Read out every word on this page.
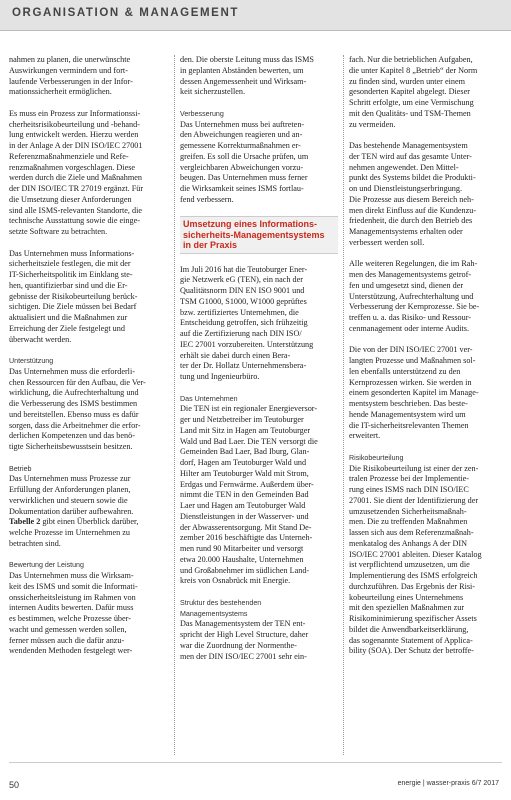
ORGANISATION & MANAGEMENT

nahmen zu planen, die unerwünschte
Auswirkungen vermindern und fort-
laufende Verbesserungen in der Infor-
mationssicherheit ermöglichen.

Es muss ein Prozess zur Informationssi-
cherheitsrisikobeurteilung und -behand-
lung entwickelt werden. Hierzu werden
in der Anlage A der DIN ISO/IEC 27001
Referenzmaßnahmenziele und Refe-
renzmaßnahmen vorgeschlagen. Diese
werden durch die Ziele und Maßnahmen
der DIN ISO/IEC TR 27019 ergänzt. Für
die Umsetzung dieser Anforderungen
sind alle ISMS-relevanten Standorte, die
technische Ausstattung sowie die einge-
setzte Software zu betrachten.

Das Unternehmen muss Informations-
sicherheitsziele festlegen, die mit der
IT-Sicherheitspolitik im Einklang ste-
hen, quantifizierbar sind und die Er-
gebnisse der Risikobeurteilung berück-
sichtigen. Die Ziele müssen bei Bedarf
aktualisiert und die Maßnahmen zur
Erreichung der Ziele festgelegt und
überwacht werden.

Unterstützung

Das Unternehmen muss die erforderli-
chen Ressourcen für den Aufbau, die Ver-
wirklichung, die Aufrechterhaltung und
die Verbesserung des ISMS bestimmen
und bereitstellen. Ebenso muss es dafür
sorgen, dass die Arbeitnehmer die erfor-
derlichen Kompetenzen und das benö-
tigte Sicherheitsbewusstsein besitzen.

Betrieb

Das Unternehmen muss Prozesse zur
Erfüllung der Anforderungen planen,
verwirklichen und steuern sowie die
Dokumentation darüber aufbewahren.
Tabelle 2 gibt einen Überblick darüber,
welche Prozesse im Unternehmen zu
betrachten sind.

Bewertung der Leistung

Das Unternehmen muss die Wirksam-
keit des ISMS und somit die Informati-
onssicherheitsleistung im Rahmen von
internen Audits bewerten. Dafür muss
es bestimmen, welche Prozesse über-
wacht und gemessen werden sollen,
ferner müssen auch die dafür anzu-
wendenden Methoden festgelegt wer-

den. Die oberste Leitung muss das ISMS
in geplanten Abständen bewerten, um
dessen Angemessenheit und Wirksam-
keit sicherzustellen.

Verbesserung

Das Unternehmen muss bei auftreten-
den Abweichungen reagieren und an-
gemessene Korrekturmaßnahmen er-
greifen. Es soll die Ursache prüfen, um
vergleichbaren Abweichungen vorzu-
beugen. Das Unternehmen muss ferner
die Wirksamkeit seines ISMS fortlau-
fend verbessern.

Umsetzung eines Informations-
sicherheits-Managementsystems
in der Praxis

Im Juli 2016 hat die Teutoburger Ener-
gie Netzwerk eG (TEN), ein nach der
Qualitätsnorm DIN EN ISO 9001 und
TSM G1000, S1000, W1000 geprüftes
bzw. zertifiziertes Unternehmen, die
Entscheidung getroffen, sich frühzeitig
auf die Zertifizierung nach DIN ISO/
IEC 27001 vorzubereiten. Unterstützung
erhält sie dabei durch einen Bera-
ter der Dr. Hollatz Unternehmensbera-
tung und Ingenieurbüro.

Das Unternehmen

Die TEN ist ein regionaler Energieversor-
ger und Netzbetreiber im Teutoburger
Land mit Sitz in Hagen am Teutoburger
Wald und Bad Laer. Die TEN versorgt die
Gemeinden Bad Laer, Bad Iburg, Glan-
dorf, Hagen am Teutoburger Wald und
Hilter am Teutoburger Wald mit Strom,
Erdgas und Fernwärme. Außerdem über-
nimmt die TEN in den Gemeinden Bad
Laer und Hagen am Teutoburger Wald
Dienstleistungen in der Wasserver- und
der Abwasserentsorgung. Mit Stand De-
zember 2016 beschäftigte das Unterneh-
men rund 90 Mitarbeiter und versorgt
etwa 20.000 Haushalte, Unternehmen
und Großabnehmer im südlichen Land-
kreis von Osnabrück mit Energie.

Struktur des bestehenden
Managementsystems

Das Managementsystem der TEN ent-
spricht der High Level Structure, daher
war die Zuordnung der Normenthe-
men der DIN ISO/IEC 27001 sehr ein-

fach. Nur die betrieblichen Aufgaben,
die unter Kapitel 8 „Betrieb“ der Norm
zu finden sind, wurden unter einem
gesonderten Kapitel abgelegt. Dieser
Schritt erfolgte, um eine Vermischung
mit den Qualitäts- und TSM-Themen
zu vermeiden.

Das bestehende Managementsystem
der TEN wird auf das gesamte Unter-
nehmen angewendet. Den Mittel-
punkt des Systems bildet die Produkti-
on und Dienstleistungserbringung.
Die Prozesse aus diesem Bereich neh-
men direkt Einfluss auf die Kundenzu-
friedenheit, die durch den Betrieb des
Managementsystems erhalten oder
verbessert werden soll.

Alle weiteren Regelungen, die im Rah-
men des Managementsystems getrof-
fen und umgesetzt sind, dienen der
Unterstützung, Aufrechterhaltung und
Verbesserung der Kernprozesse. Sie be-
treffen u. a. das Risiko- und Ressour-
cenmanagement oder interne Audits.

Die von der DIN ISO/IEC 27001 ver-
langten Prozesse und Maßnahmen sol-
len ebenfalls unterstützend zu den
Kernprozessen wirken. Sie werden in
einem gesonderten Kapitel im Manage-
mentsystem beschrieben. Das beste-
hende Managementsystem wird um
die IT-sicherheitsrelevanten Themen
erweitert.

Risikobeurteilung

Die Risikobeurteilung ist einer der zen-
tralen Prozesse bei der Implementie-
rung eines ISMS nach DIN ISO/IEC
27001. Sie dient der Identifizierung der
umzusetzenden Sicherheitsmaßnah-
men. Die zu treffenden Maßnahmen
lassen sich aus dem Referenzmaßnah-
menkatalog des Anhangs A der DIN
ISO/IEC 27001 ableiten. Dieser Katalog
ist verpflichtend umzusetzen, um die
Implementierung des ISMS erfolgreich
durchzuführen. Das Ergebnis der Risi-
kobeurteilung eines Unternehmens
mit den speziellen Maßnahmen zur
Risikominimierung spezifischer Assets
bildet die Anwendbarkeitserklärung,
das sogenannte Statement of Applica-
bility (SOA). Der Schutz der betroffe-

50	energie | wasser-praxis 6/7 2017
